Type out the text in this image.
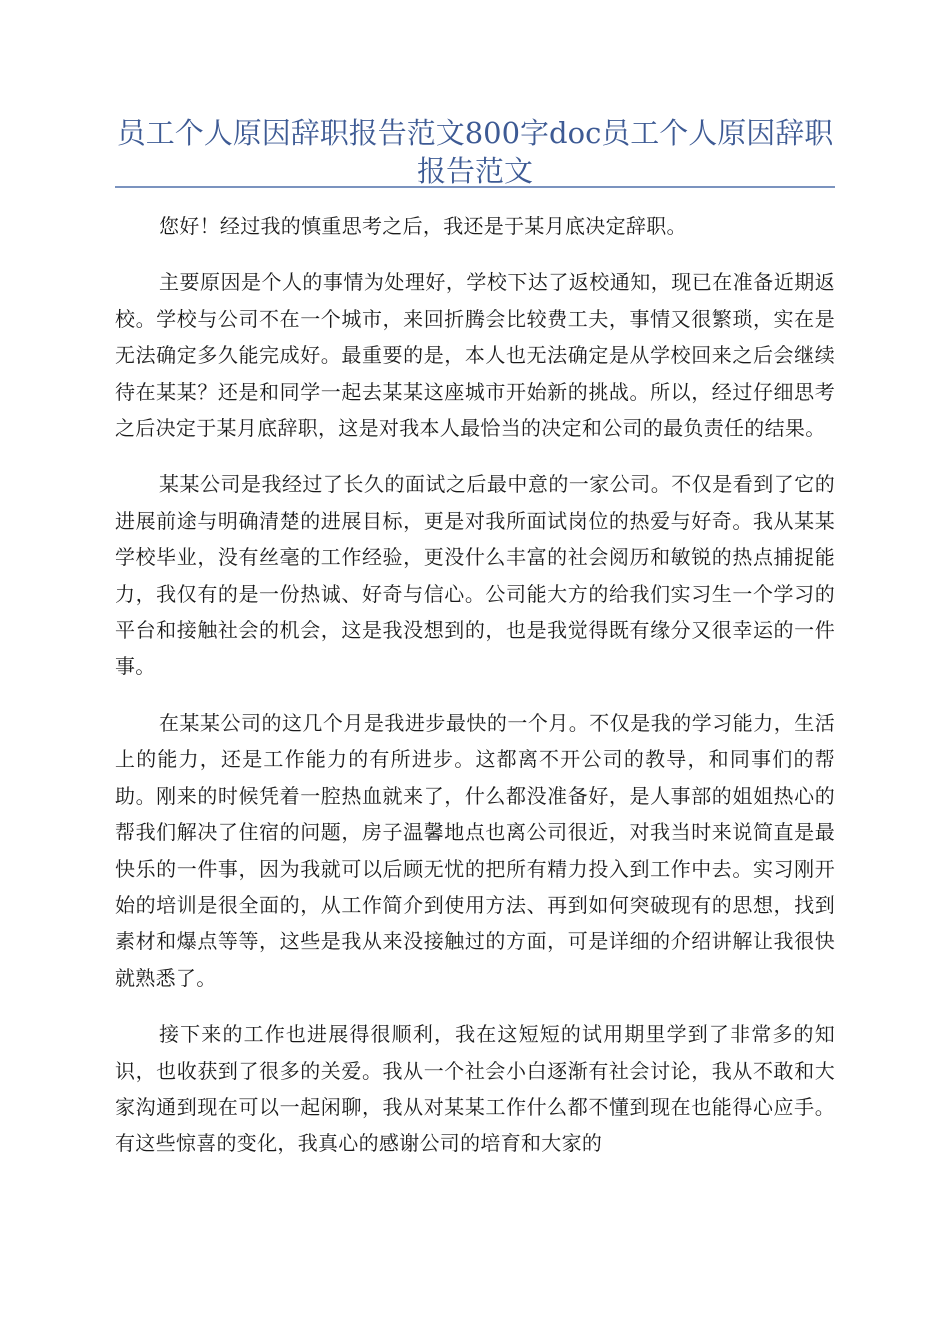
员工个人原因辞职报告范文800字doc员工个人原因辞职报告范文

您好！经过我的慎重思考之后，我还是于某月底决定辞职。

主要原因是个人的事情为处理好，学校下达了返校通知，现已在准备近期返校。学校与公司不在一个城市，来回折腾会比较费工夫，事情又很繁琐，实在是无法确定多久能完成好。最重要的是，本人也无法确定是从学校回来之后会继续待在某某？还是和同学一起去某某这座城市开始新的挑战。所以，经过仔细思考之后决定于某月底辞职，这是对我本人最恰当的决定和公司的最负责任的结果。

某某公司是我经过了长久的面试之后最中意的一家公司。不仅是看到了它的进展前途与明确清楚的进展目标，更是对我所面试岗位的热爱与好奇。我从某某学校毕业，没有丝毫的工作经验，更没什么丰富的社会阅历和敏锐的热点捕捉能力，我仅有的是一份热诚、好奇与信心。公司能大方的给我们实习生一个学习的平台和接触社会的机会，这是我没想到的，也是我觉得既有缘分又很幸运的一件事。

在某某公司的这几个月是我进步最快的一个月。不仅是我的学习能力，生活上的能力，还是工作能力的有所进步。这都离不开公司的教导，和同事们的帮助。刚来的时候凭着一腔热血就来了，什么都没准备好，是人事部的姐姐热心的帮我们解决了住宿的问题，房子温馨地点也离公司很近，对我当时来说简直是最快乐的一件事，因为我就可以后顾无忧的把所有精力投入到工作中去。实习刚开始的培训是很全面的，从工作简介到使用方法、再到如何突破现有的思想，找到素材和爆点等等，这些是我从来没接触过的方面，可是详细的介绍讲解让我很快就熟悉了。

接下来的工作也进展得很顺利，我在这短短的试用期里学到了非常多的知识，也收获到了很多的关爱。我从一个社会小白逐渐有社会讨论，我从不敢和大家沟通到现在可以一起闲聊，我从对某某工作什么都不懂到现在也能得心应手。有这些惊喜的变化，我真心的感谢公司的培育和大家的
